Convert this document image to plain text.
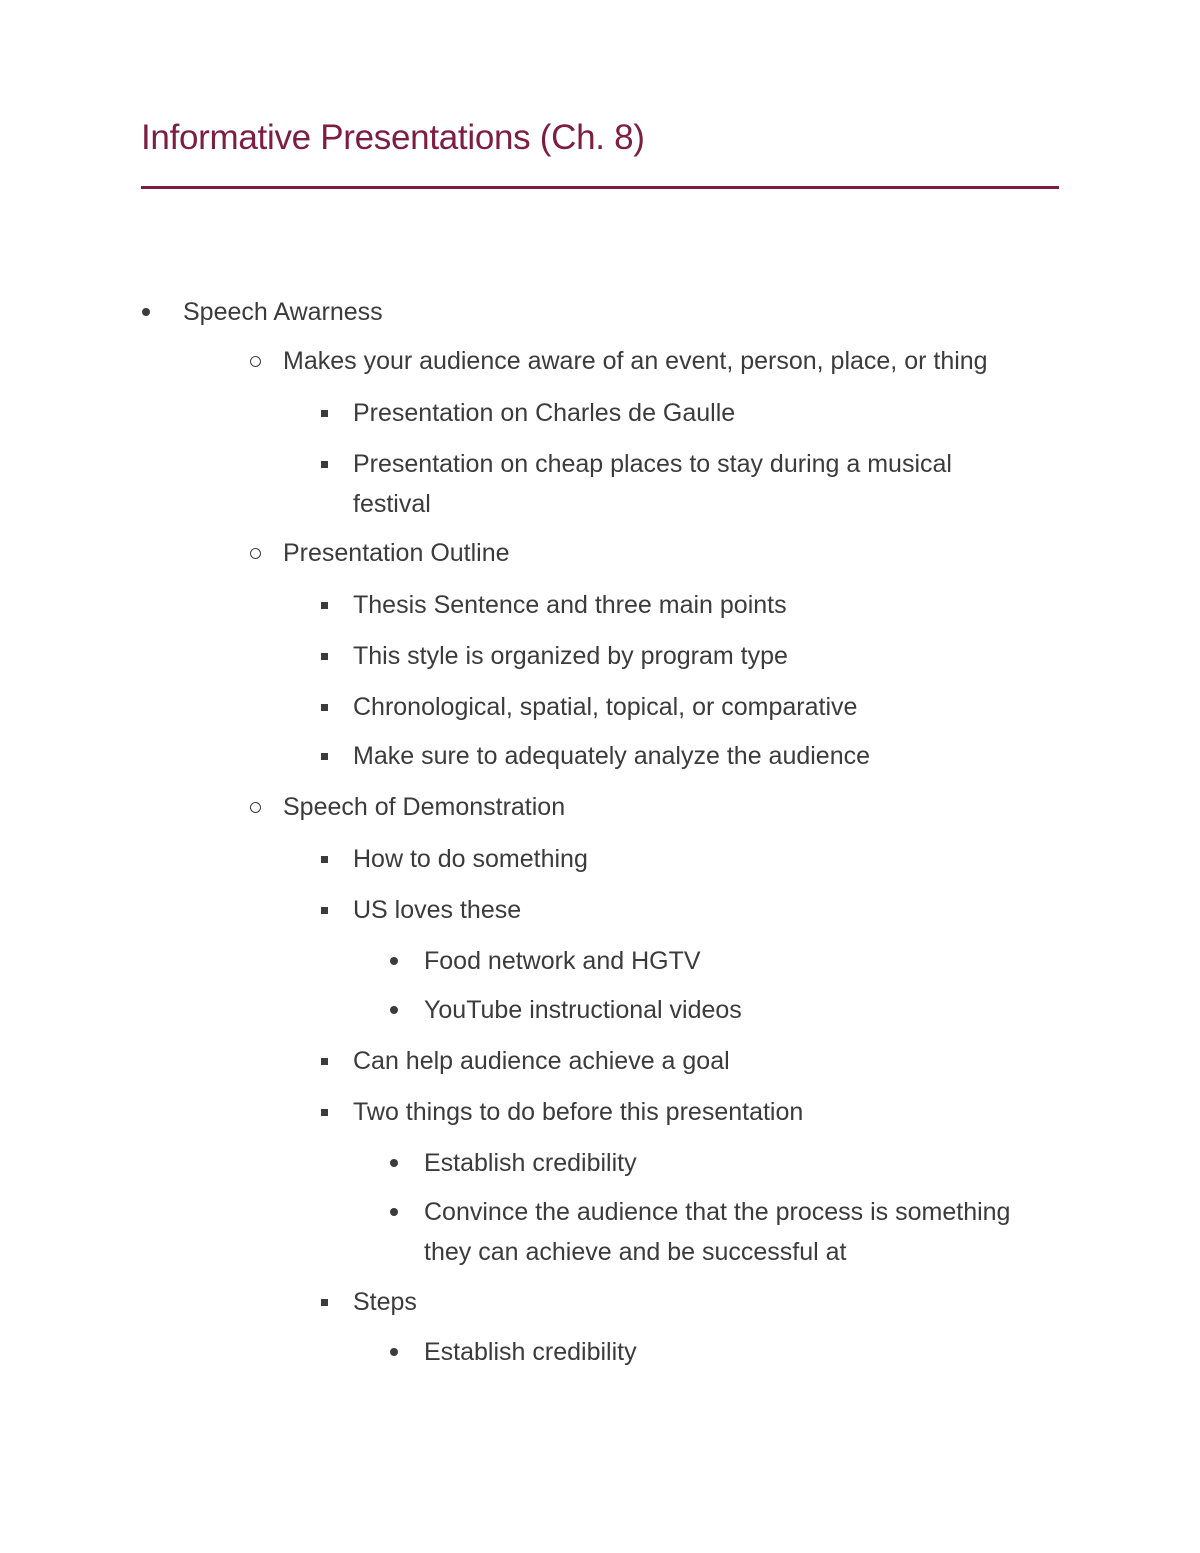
Informative Presentations (Ch. 8)
Speech Awarness
Makes your audience aware of an event, person, place, or thing
Presentation on Charles de Gaulle
Presentation on cheap places to stay during a musical festival
Presentation Outline
Thesis Sentence and three main points
This style is organized by program type
Chronological, spatial, topical, or comparative
Make sure to adequately analyze the audience
Speech of Demonstration
How to do something
US loves these
Food network and HGTV
YouTube instructional videos
Can help audience achieve a goal
Two things to do before this presentation
Establish credibility
Convince the audience that the process is something they can achieve and be successful at
Steps
Establish credibility
